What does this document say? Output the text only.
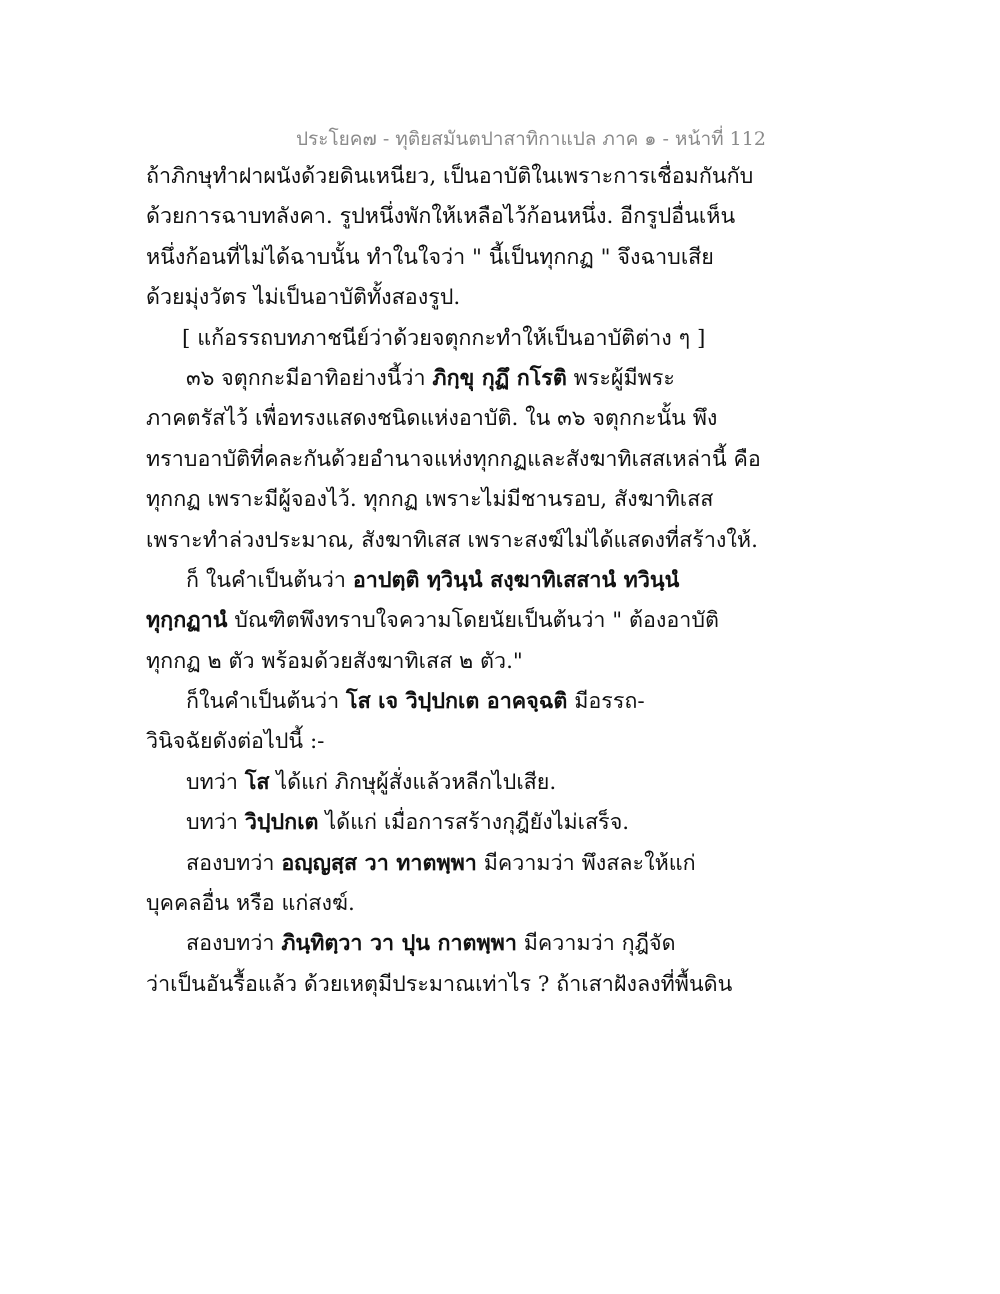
ประโยค๗ - ทุติยสมันตปาสาทิกาแปล ภาค ๑ - หน้าที่ 112
ถ้าภิกษุทำฝาผนังด้วยดินเหนียว, เป็นอาบัติในเพราะการเชื่อมกันกับ
ด้วยการฉาบทลังคา. รูปหนึ่งพักให้เหลือไว้ก้อนหนึ่ง. อีกรูปอื่นเห็น
หนึ่งก้อนที่ไม่ได้ฉาบนั้น ทำในใจว่า " นี้เป็นทุกกฏ " จึงฉาบเสีย
ด้วยมุ่งวัตร ไม่เป็นอาบัติทั้งสองรูป.
[ แก้อรรถบทภาชนีย์ว่าด้วยจตุกกะทำให้เป็นอาบัติต่าง ๆ ]
๓๖ จตุกกะมีอาทิอย่างนี้ว่า ภิกฺขุ กุฏึ กโรติ พระผู้มีพระ
ภาคตรัสไว้ เพื่อทรงแสดงชนิดแห่งอาบัติ. ใน ๓๖ จตุกกะนั้น พึง
ทราบอาบัติที่คละกันด้วยอำนาจแห่งทุกกฏและสังฆาทิเสสเหล่านี้ คือ
ทุกกฏ เพราะมีผู้จองไว้. ทุกกฏ เพราะไม่มีชานรอบ, สังฆาทิเสส
เพราะทำล่วงประมาณ, สังฆาทิเสส เพราะสงฆ์ไม่ได้แสดงที่สร้างให้.
ก็ ในคำเป็นต้นว่า อาปตฺติ ทฺวินฺนํ สงฺฆาทิเสสานํ ทวินฺนํ
ทุกฺกฏานํ บัณฑิตพึงทราบใจความโดยนัยเป็นต้นว่า " ต้องอาบัติ
ทุกกฏ ๒ ตัว พร้อมด้วยสังฆาทิเสส ๒ ตัว."
ก็ในคำเป็นต้นว่า โส เจ วิปฺปกเต อาคจฺฉติ มีอรรถ-
วินิจฉัยดังต่อไปนี้ :-
บทว่า โส ได้แก่ ภิกษุผู้สั่งแล้วหลีกไปเสีย.
บทว่า วิปฺปกเต ได้แก่ เมื่อการสร้างกุฎียังไม่เสร็จ.
สองบทว่า อญฺญสฺส วา ทาตพฺพา มีความว่า พึงสละให้แก่
บุคคลอื่น หรือ แก่สงฆ์.
สองบทว่า ภินฺทิตฺวา วา ปุน กาตพฺพา มีความว่า กุฎีจัด
ว่าเป็นอันรื้อแล้ว ด้วยเหตุมีประมาณเท่าไร ? ถ้าเสาฝังลงที่พื้นดิน
